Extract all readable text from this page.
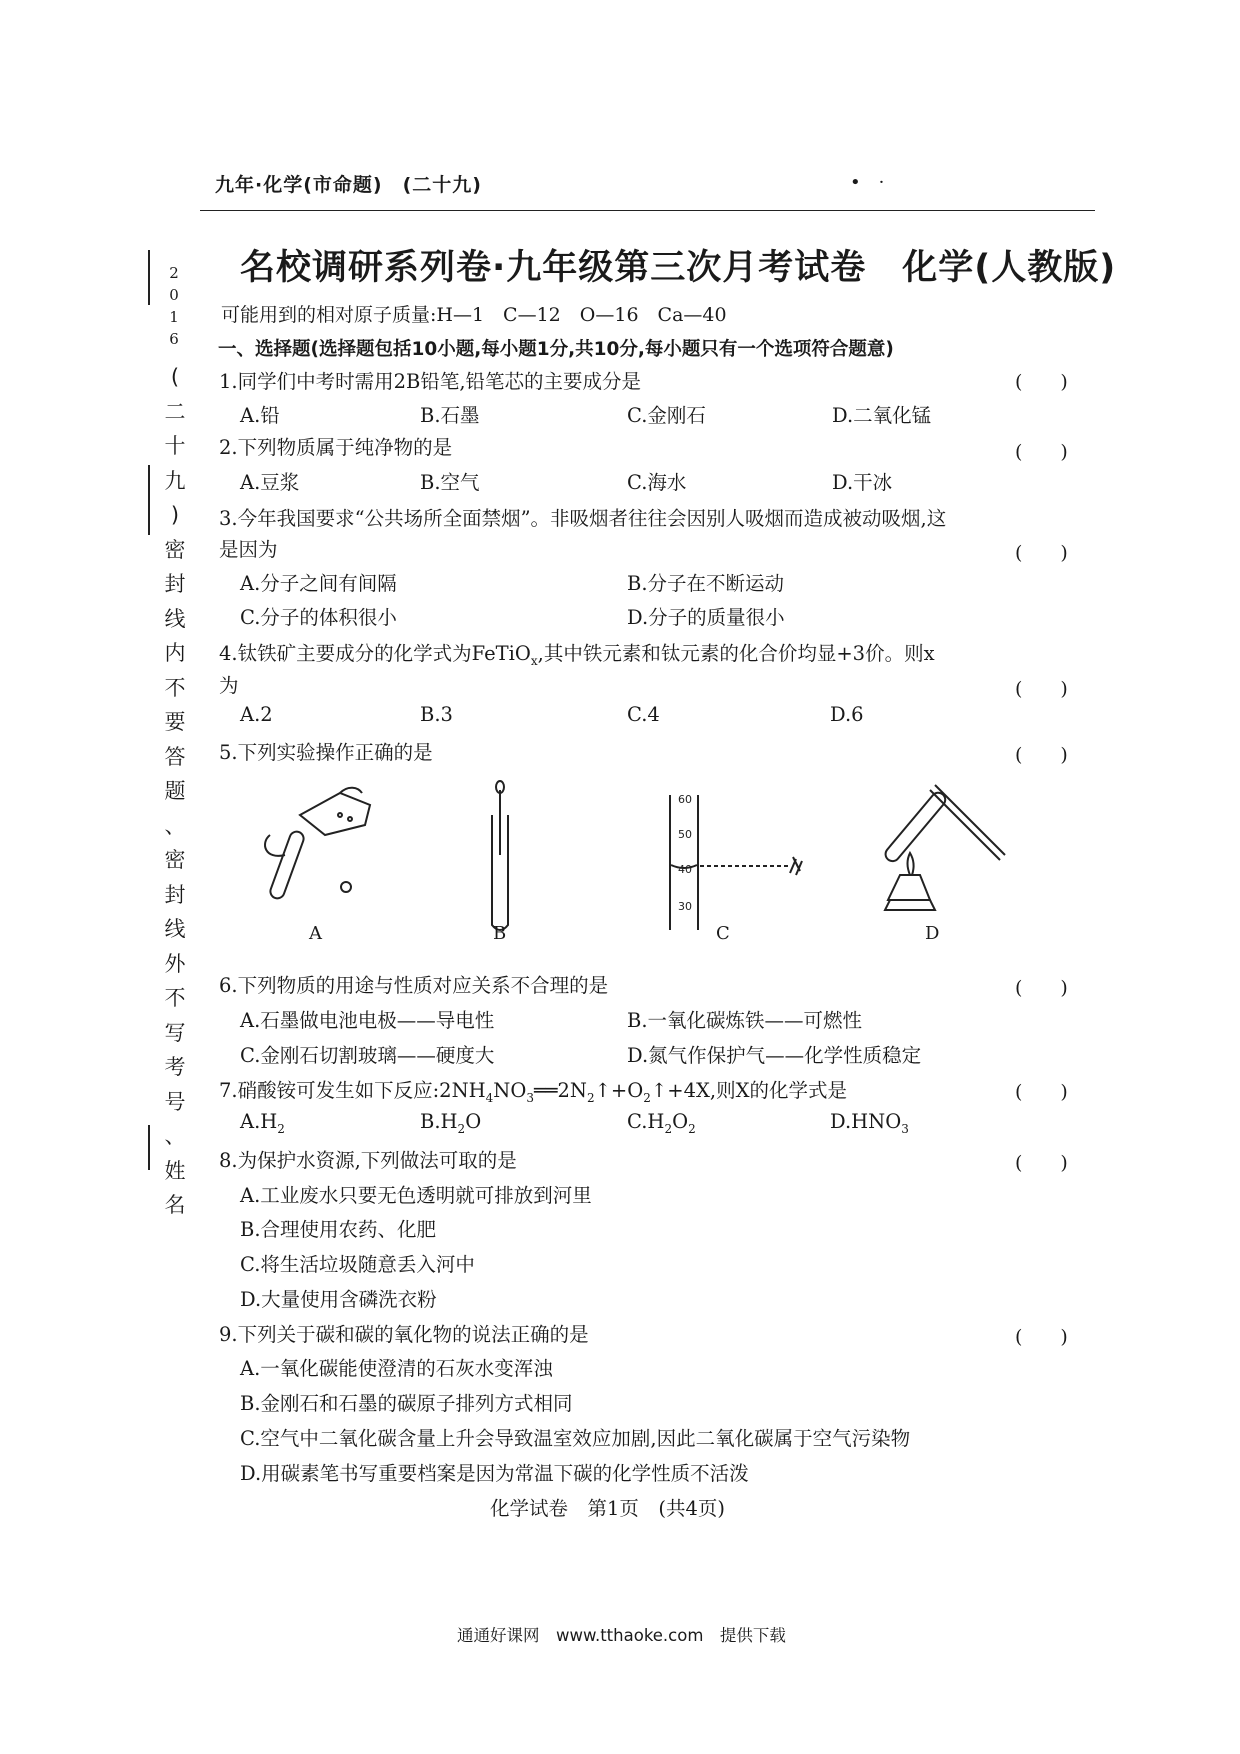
九年·化学(市命题)　(二十九)	•　·
2
0
1
6
(
二
十
九
)
密
封
线
内
不
要
答
题
、
密
封
线
外
不
写
考
号
、
姓
名
名校调研系列卷·九年级第三次月考试卷　化学(人教版)
可能用到的相对原子质量:H—1　C—12　O—16　Ca—40
一、选择题(选择题包括10小题,每小题1分,共10分,每小题只有一个选项符合题意)
1.同学们中考时需用2B铅笔,铅笔芯的主要成分是	(　　)
A.铅	B.石墨	C.金刚石	D.二氧化锰
2.下列物质属于纯净物的是	(　　)
A.豆浆	B.空气	C.海水	D.干冰
3.今年我国要求“公共场所全面禁烟”。非吸烟者往往会因别人吸烟而造成被动吸烟,这
是因为	(　　)
A.分子之间有间隔	B.分子在不断运动
C.分子的体积很小	D.分子的质量很小
4.钛铁矿主要成分的化学式为FeTiO$_x$,其中铁元素和钛元素的化合价均显+3价。则x
为	(　　)
A.2	B.3	C.4	D.6
5.下列实验操作正确的是	(　　)
60
50
40
30
A	B	C	D
6.下列物质的用途与性质对应关系不合理的是	(　　)
A.石墨做电池电极——导电性	B.一氧化碳炼铁——可燃性
C.金刚石切割玻璃——硬度大	D.氮气作保护气——化学性质稳定
7.硝酸铵可发生如下反应$:2NH_4NO_3══2N_2↑+O_2↑+4X$,则X的化学式是	(　　)
$A.H_2$	$B.H_2O$	$C.H_2O_2$	$D.HNO_3$
8.为保护水资源,下列做法可取的是	(　　)
A.工业废水只要无色透明就可排放到河里
B.合理使用农药、化肥
C.将生活垃圾随意丢入河中
D.大量使用含磷洗衣粉
9.下列关于碳和碳的氧化物的说法正确的是	(　　)
A.一氧化碳能使澄清的石灰水变浑浊
B.金刚石和石墨的碳原子排列方式相同
C.空气中二氧化碳含量上升会导致温室效应加剧,因此二氧化碳属于空气污染物
D.用碳素笔书写重要档案是因为常温下碳的化学性质不活泼
化学试卷　第1页　(共4页)
通通好课网　www.tthaoke.com　提供下载
